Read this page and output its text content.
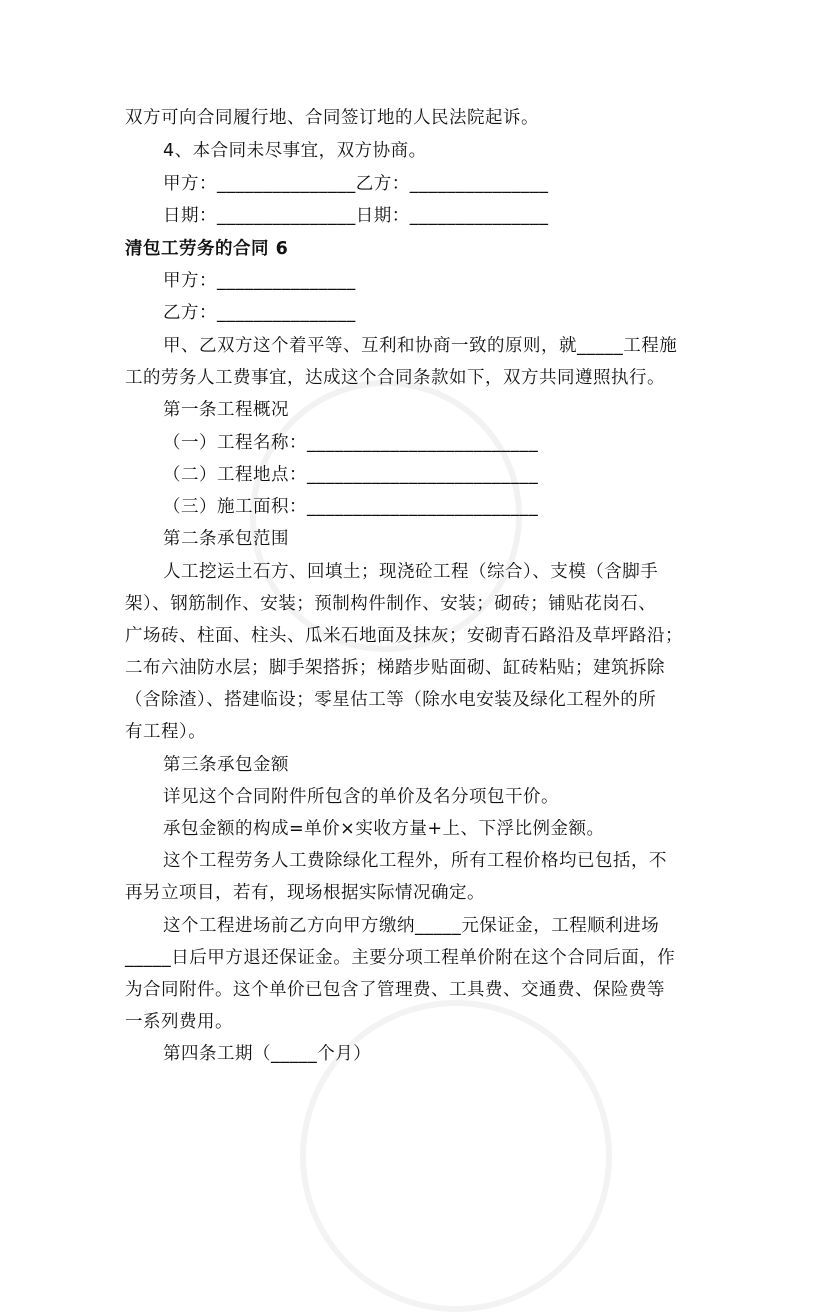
双方可向合同履行地、合同签订地的人民法院起诉。
4、本合同未尽事宜，双方协商。
甲方：_______________乙方：_______________
日期：_______________日期：_______________
清包工劳务的合同 6
甲方：_______________
乙方：_______________
甲、乙双方这个着平等、互利和协商一致的原则，就_____工程施
工的劳务人工费事宜，达成这个合同条款如下，双方共同遵照执行。
第一条工程概况
（一）工程名称：_________________________
（二）工程地点：_________________________
（三）施工面积：_________________________
第二条承包范围
人工挖运土石方、回填土；现浇砼工程（综合）、支模（含脚手
架）、钢筋制作、安装；预制构件制作、安装；砌砖；铺贴花岗石、
广场砖、柱面、柱头、瓜米石地面及抹灰；安砌青石路沿及草坪路沿；
二布六油防水层；脚手架搭拆；梯踏步贴面砌、缸砖粘贴；建筑拆除
（含除渣）、搭建临设；零星估工等（除水电安装及绿化工程外的所
有工程）。
第三条承包金额
详见这个合同附件所包含的单价及名分项包干价。
承包金额的构成=单价×实收方量+上、下浮比例金额。
这个工程劳务人工费除绿化工程外，所有工程价格均已包括，不
再另立项目，若有，现场根据实际情况确定。
这个工程进场前乙方向甲方缴纳_____元保证金，工程顺利进场
_____日后甲方退还保证金。主要分项工程单价附在这个合同后面，作
为合同附件。这个单价已包含了管理费、工具费、交通费、保险费等
一系列费用。
第四条工期（_____个月）
